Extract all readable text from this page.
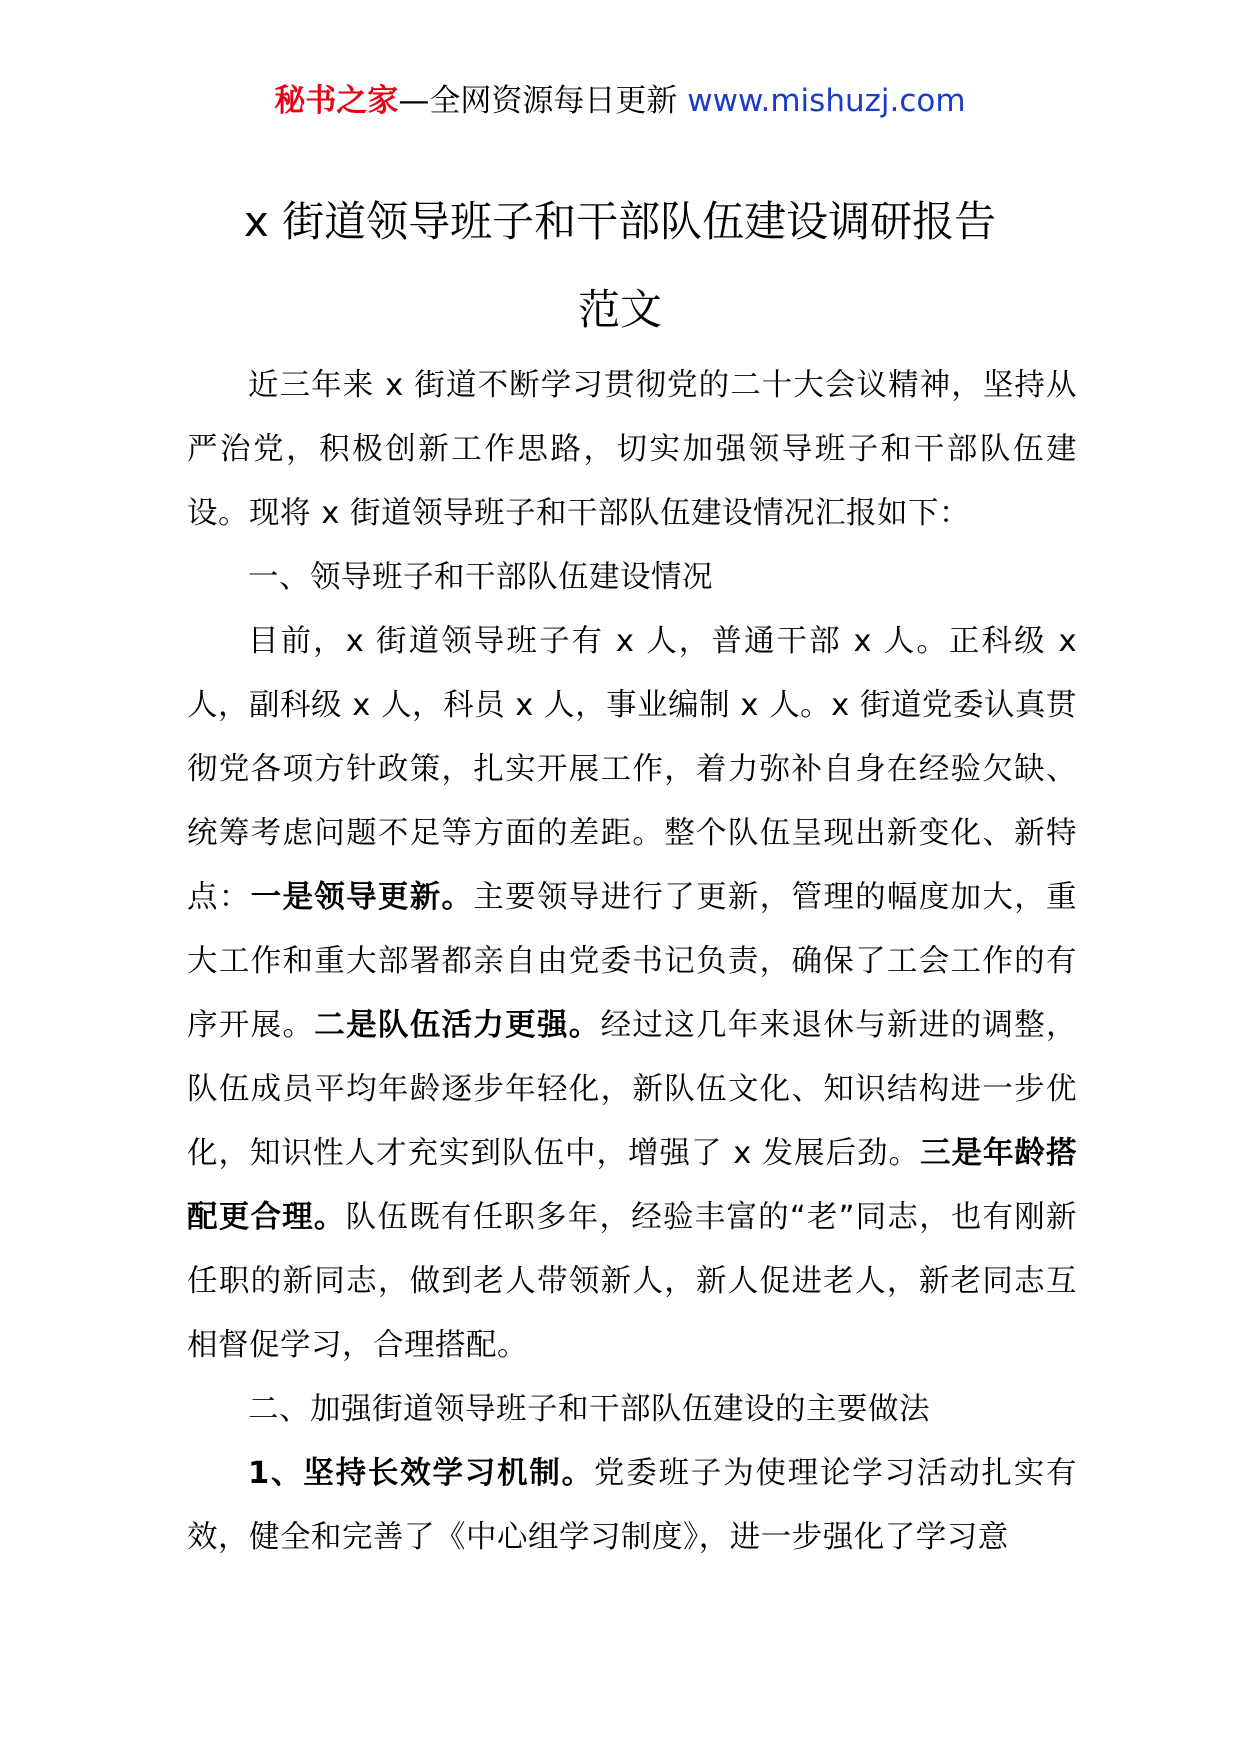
秘书之家—全网资源每日更新 www.mishuzj.com
x 街道领导班子和干部队伍建设调研报告
范文

近三年来 x 街道不断学习贯彻党的二十大会议精神，坚持从严治党，积极创新工作思路，切实加强领导班子和干部队伍建设。现将 x 街道领导班子和干部队伍建设情况汇报如下：

一、领导班子和干部队伍建设情况

目前，x 街道领导班子有 x 人，普通干部 x 人。正科级 x 人，副科级 x 人，科员 x 人，事业编制 x 人。x 街道党委认真贯彻党各项方针政策，扎实开展工作，着力弥补自身在经验欠缺、统筹考虑问题不足等方面的差距。整个队伍呈现出新变化、新特点：一是领导更新。主要领导进行了更新，管理的幅度加大，重大工作和重大部署都亲自由党委书记负责，确保了工会工作的有序开展。二是队伍活力更强。经过这几年来退休与新进的调整，队伍成员平均年龄逐步年轻化，新队伍文化、知识结构进一步优化，知识性人才充实到队伍中，增强了 x 发展后劲。三是年龄搭配更合理。队伍既有任职多年，经验丰富的“老”同志，也有刚新任职的新同志，做到老人带领新人，新人促进老人，新老同志互相督促学习，合理搭配。

二、加强街道领导班子和干部队伍建设的主要做法

1、坚持长效学习机制。党委班子为使理论学习活动扎实有效，健全和完善了《中心组学习制度》，进一步强化了学习意
